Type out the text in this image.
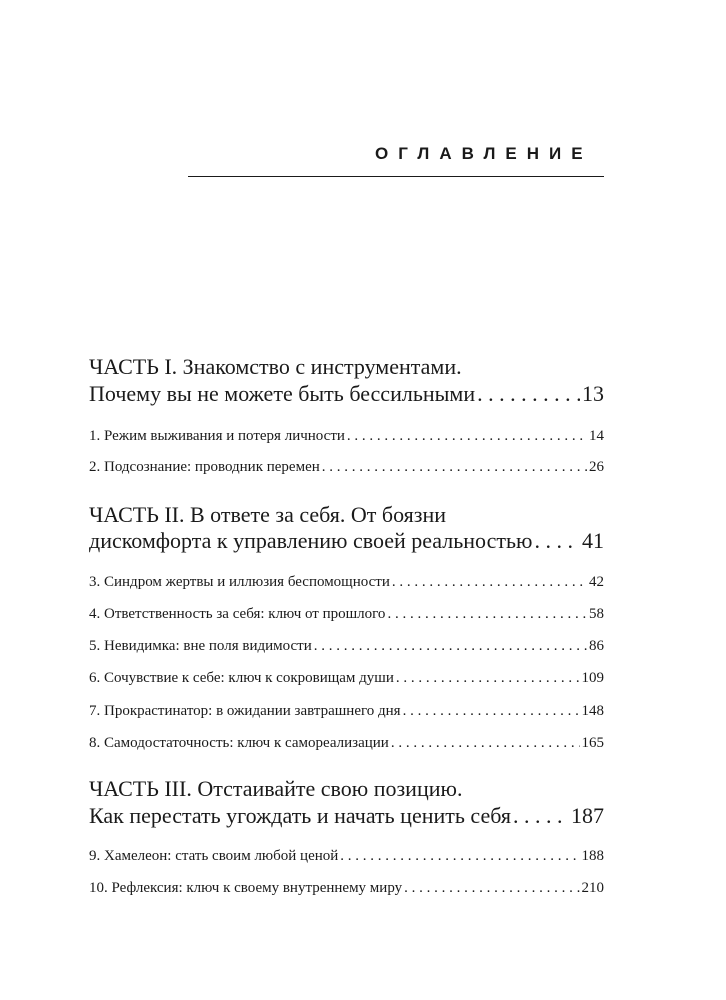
ОГЛАВЛЕНИЕ
ЧАСТЬ I. Знакомство с инструментами.
Почему вы не можете быть бессильными . . .	13
1. Режим выживания и потеря личности . . .	14
2. Подсознание: проводник перемен . . .	26
ЧАСТЬ II. В ответе за себя. От боязни
дискомфорта к управлению своей реальностью . . . 41
3. Синдром жертвы и иллюзия беспомощности . . .	42
4. Ответственность за себя: ключ от прошлого . . .	58
5. Невидимка: вне поля видимости . . .	86
6. Сочувствие к себе: ключ к сокровищам души . . .	109
7. Прокрастинатор: в ожидании завтрашнего дня . . .	148
8. Самодостаточность: ключ к самореализации . . .	165
ЧАСТЬ III. Отстаивайте свою позицию.
Как перестать угождать и начать ценить себя . . .	187
9. Хамелеон: стать своим любой ценой . . .	188
10. Рефлексия: ключ к своему внутреннему миру . . .	210
